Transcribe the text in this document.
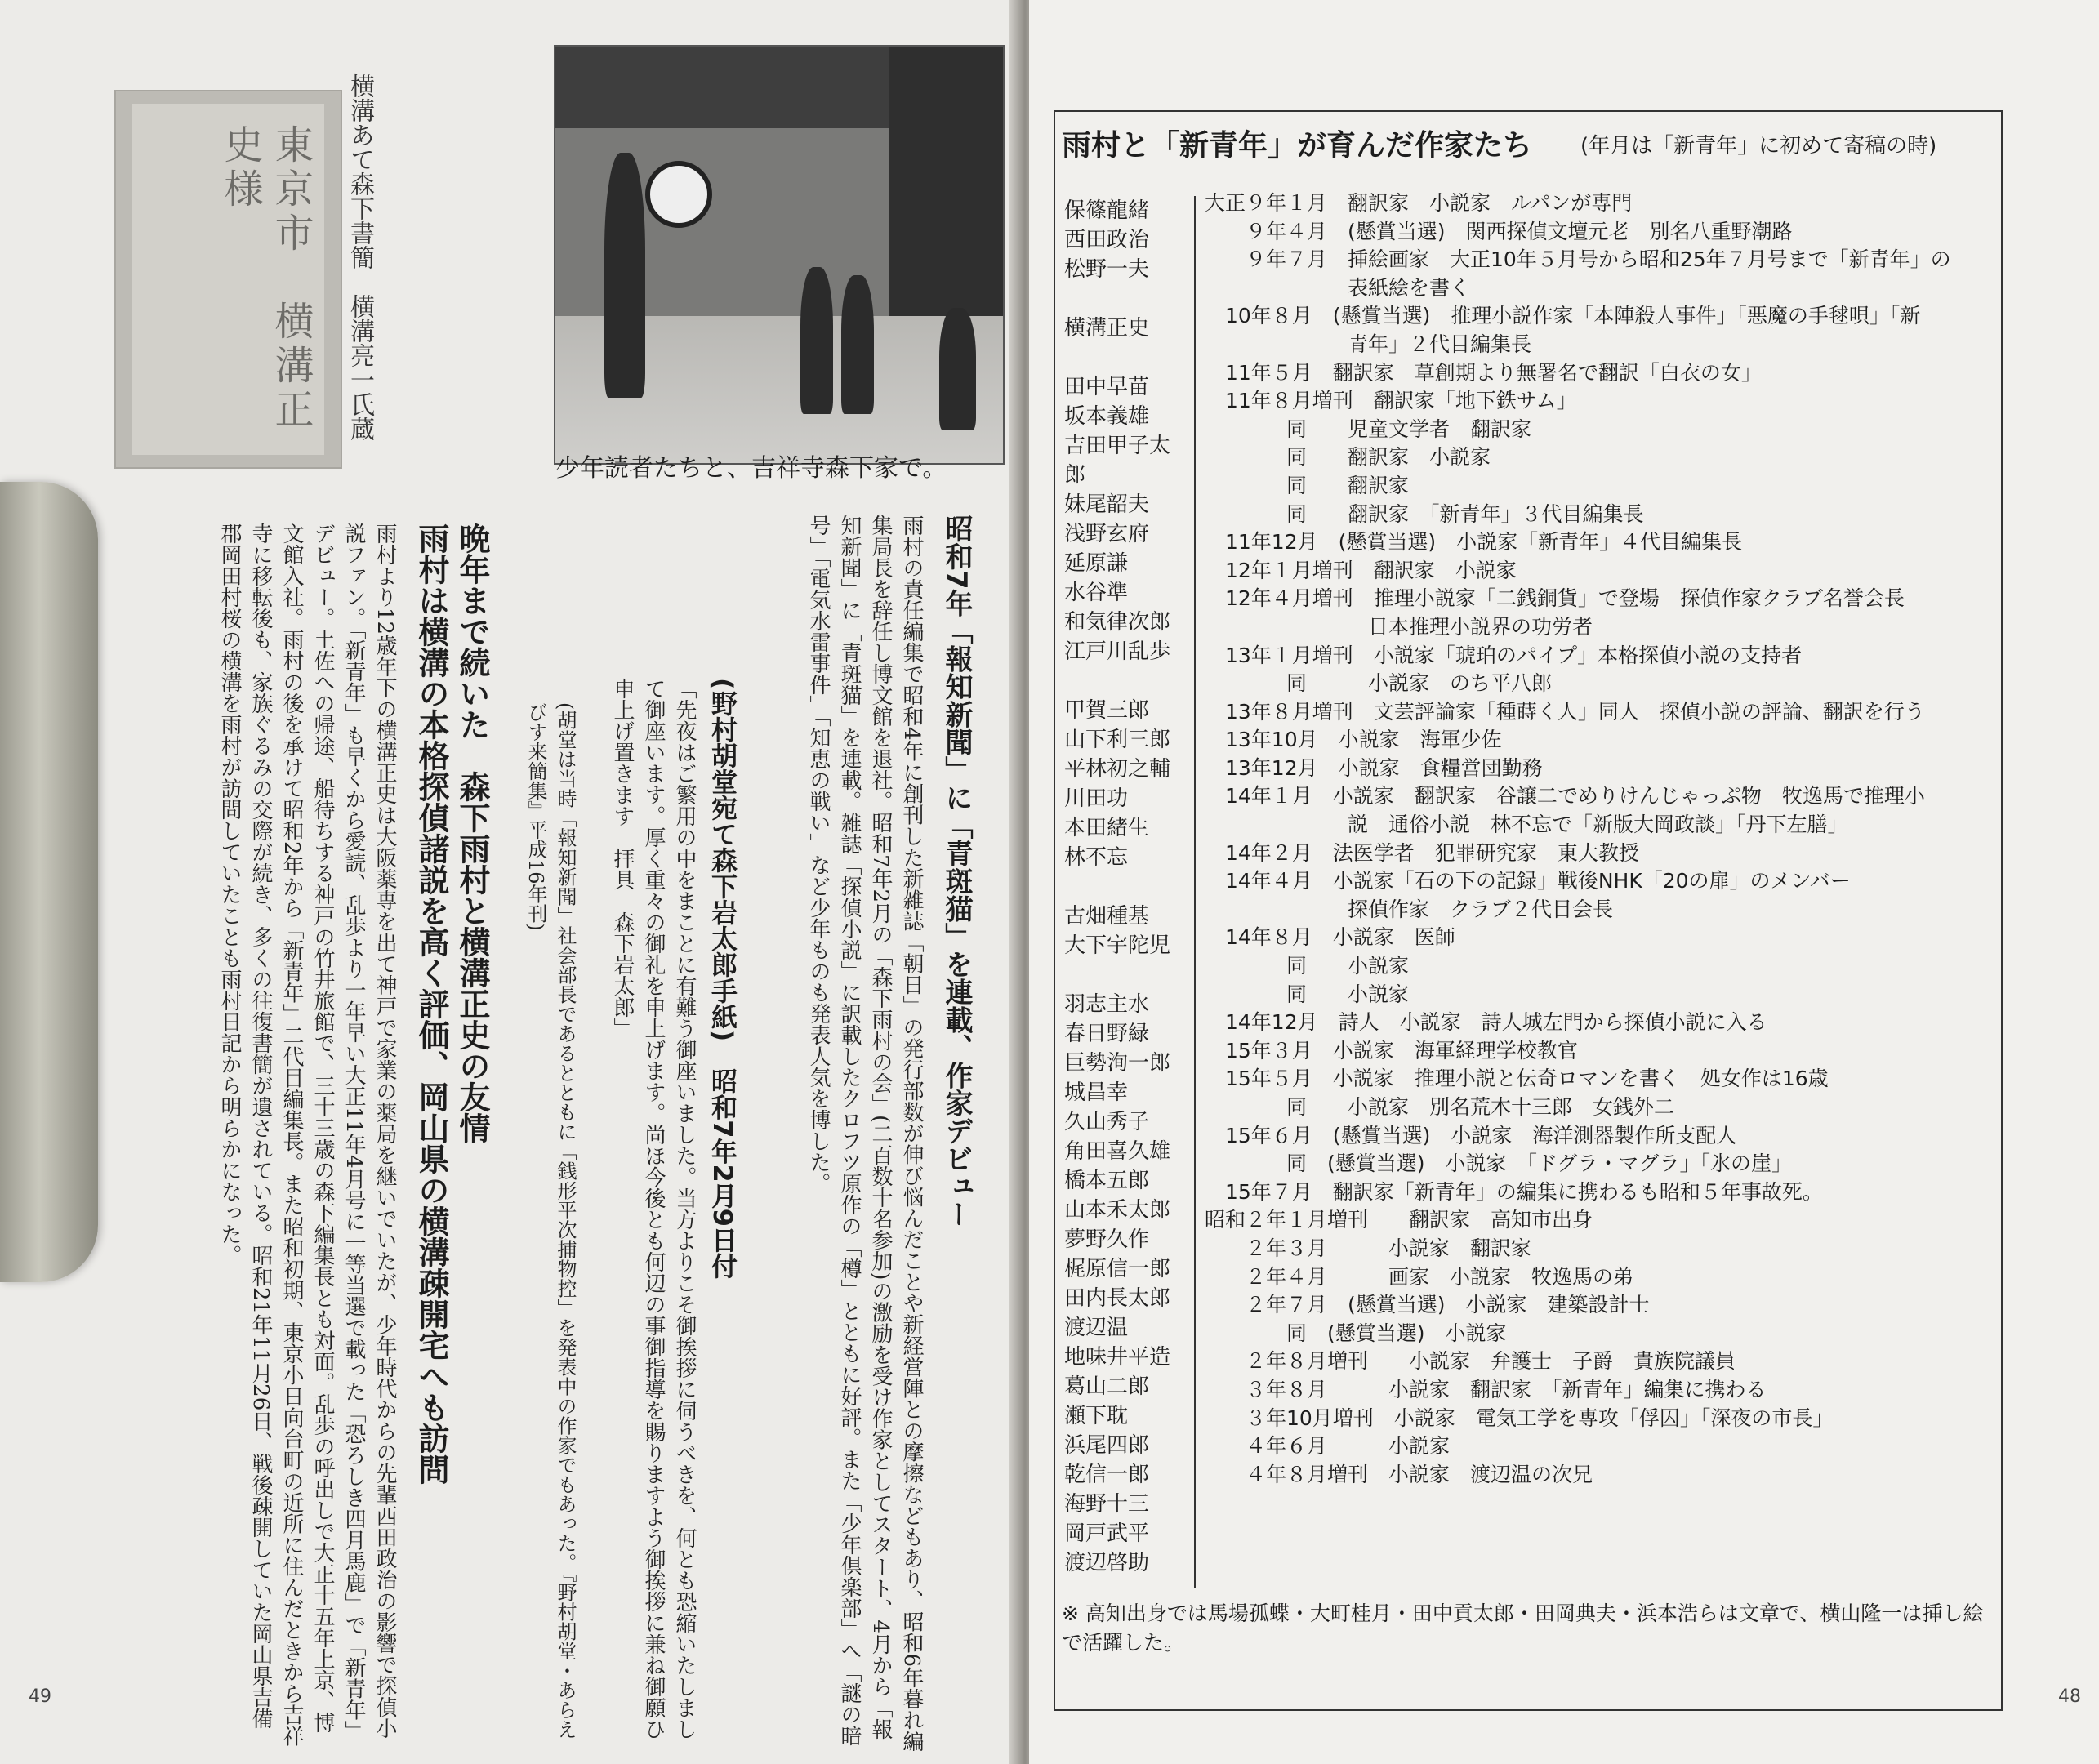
東京市　横溝正史様	横溝あて森下書簡　横溝亮一氏蔵
少年読者たちと、吉祥寺森下家で。
昭和7年「報知新聞」に「青斑猫」を連載、作家デビュー
雨村の責任編集で昭和4年に創刊した新雑誌「朝日」の発行部数が伸び悩んだことや新経営陣との摩擦などもあり、昭和6年暮れ編集局長を辞任し博文館を退社。昭和7年2月の「森下雨村の会」(二百数十名参加)の激励を受け作家としてスタート、4月から「報知新聞」に「青斑猫」を連載。雑誌「探偵小説」に訳載したクロフツ原作の「樽」とともに好評。また「少年倶楽部」へ「謎の暗号」「電気水雷事件」「知恵の戦い」など少年ものも発表人気を博した。
(野村胡堂宛て森下岩太郎手紙)　昭和7年2月9日付
「先夜はご繁用の中をまことに有難う御座いました。当方よりこそ御挨拶に伺うべきを、何とも恐縮いたしまして御座います。厚く重々の御礼を申上げます。尚ほ今後とも何辺の事御指導を賜りますよう御挨拶に兼ね御願ひ申上げ置きます　拝具　森下岩太郎」
(胡堂は当時「報知新聞」社会部長であるとともに「銭形平次捕物控」を発表中の作家でもあった。『野村胡堂・あらえびす来簡集』平成16年刊)
晩年まで続いた　森下雨村と横溝正史の友情
雨村は横溝の本格探偵諸説を高く評価、岡山県の横溝疎開宅へも訪問
雨村より12歳年下の横溝正史は大阪薬専を出て神戸で家業の薬局を継いでいたが、少年時代からの先輩西田政治の影響で探偵小説ファン。「新青年」も早くから愛読、乱歩より一年早い大正11年4月号に一等当選で載った「恐ろしき四月馬鹿」で「新青年」デビュー。土佐への帰途、船待ちする神戸の竹井旅館で、三十三歳の森下編集長とも対面。乱歩の呼出しで大正十五年上京、博文館入社。雨村の後を承けて昭和2年から「新青年」二代目編集長。また昭和初期、東京小日向台町の近所に住んだときから吉祥寺に移転後も、家族ぐるみの交際が続き、多くの往復書簡が遺されている。昭和21年11月26日、戦後疎開していた岡山県吉備郡岡田村桜の横溝を雨村が訪問していたことも雨村日記から明らかになった。
49
雨村と「新青年」が育んだ作家たち (年月は「新青年」に初めて寄稿の時)
保篠龍緒
西田政治
松野一夫
横溝正史
田中早苗
坂本義雄
吉田甲子太郎
妹尾韶夫
浅野玄府
延原謙
水谷準
和気律次郎
江戸川乱歩
甲賀三郎
山下利三郎
平林初之輔
川田功
本田緒生
林不忘
古畑種基
大下宇陀児
羽志主水
春日野緑
巨勢洵一郎
城昌幸
久山秀子
角田喜久雄
橋本五郎
山本禾太郎
夢野久作
梶原信一郎
田内長太郎
渡辺温
地味井平造
葛山二郎
瀬下耽
浜尾四郎
乾信一郎
海野十三
岡戸武平
渡辺啓助
大正９年１月　翻訳家　小説家　ルパンが専門
　　９年４月　(懸賞当選)　関西探偵文壇元老　別名八重野潮路
　　９年７月　挿絵画家　大正10年５月号から昭和25年７月号まで「新青年」の
　　　　　　　表紙絵を書く
　10年８月　(懸賞当選)　推理小説作家「本陣殺人事件」「悪魔の手毬唄」「新
　　　　　　　青年」２代目編集長
　11年５月　翻訳家　草創期より無署名で翻訳「白衣の女」
　11年８月増刊　翻訳家「地下鉄サム」
　　　　同　　児童文学者　翻訳家
　　　　同　　翻訳家　小説家
　　　　同　　翻訳家
　　　　同　　翻訳家　「新青年」３代目編集長
　11年12月　(懸賞当選)　小説家「新青年」４代目編集長
　12年１月増刊　翻訳家　小説家
　12年４月増刊　推理小説家「二銭銅貨」で登場　探偵作家クラブ名誉会長
　　　　　　　　日本推理小説界の功労者
　13年１月増刊　小説家「琥珀のパイプ」本格探偵小説の支持者
　　　　同　　　小説家　のち平八郎
　13年８月増刊　文芸評論家「種蒔く人」同人　探偵小説の評論、翻訳を行う
　13年10月　小説家　海軍少佐
　13年12月　小説家　食糧営団勤務
　14年１月　小説家　翻訳家　谷譲二でめりけんじゃっぷ物　牧逸馬で推理小
　　　　　　　説　通俗小説　林不忘で「新版大岡政談」「丹下左膳」
　14年２月　法医学者　犯罪研究家　東大教授
　14年４月　小説家「石の下の記録」戦後NHK「20の扉」のメンバー
　　　　　　　探偵作家　クラブ２代目会長
　14年８月　小説家　医師
　　　　同　　小説家
　　　　同　　小説家
　14年12月　詩人　小説家　詩人城左門から探偵小説に入る
　15年３月　小説家　海軍経理学校教官
　15年５月　小説家　推理小説と伝奇ロマンを書く　処女作は16歳
　　　　同　　小説家　別名荒木十三郎　女銭外二
　15年６月　(懸賞当選)　小説家　海洋測器製作所支配人
　　　　同　(懸賞当選)　小説家　「ドグラ・マグラ」「氷の崖」
　15年７月　翻訳家「新青年」の編集に携わるも昭和５年事故死。
昭和２年１月増刊　　翻訳家　高知市出身
　　２年３月　　　小説家　翻訳家
　　２年４月　　　画家　小説家　牧逸馬の弟
　　２年７月　(懸賞当選)　小説家　建築設計士
　　　　同　(懸賞当選)　小説家
　　２年８月増刊　　小説家　弁護士　子爵　貴族院議員
　　３年８月　　　小説家　翻訳家　「新青年」編集に携わる
　　３年10月増刊　小説家　電気工学を専攻「俘囚」「深夜の市長」
　　４年６月　　　小説家
　　４年８月増刊　小説家　渡辺温の次兄
※ 高知出身では馬場孤蝶・大町桂月・田中貢太郎・田岡典夫・浜本浩らは文章で、横山隆一は挿し絵で活躍した。
48
